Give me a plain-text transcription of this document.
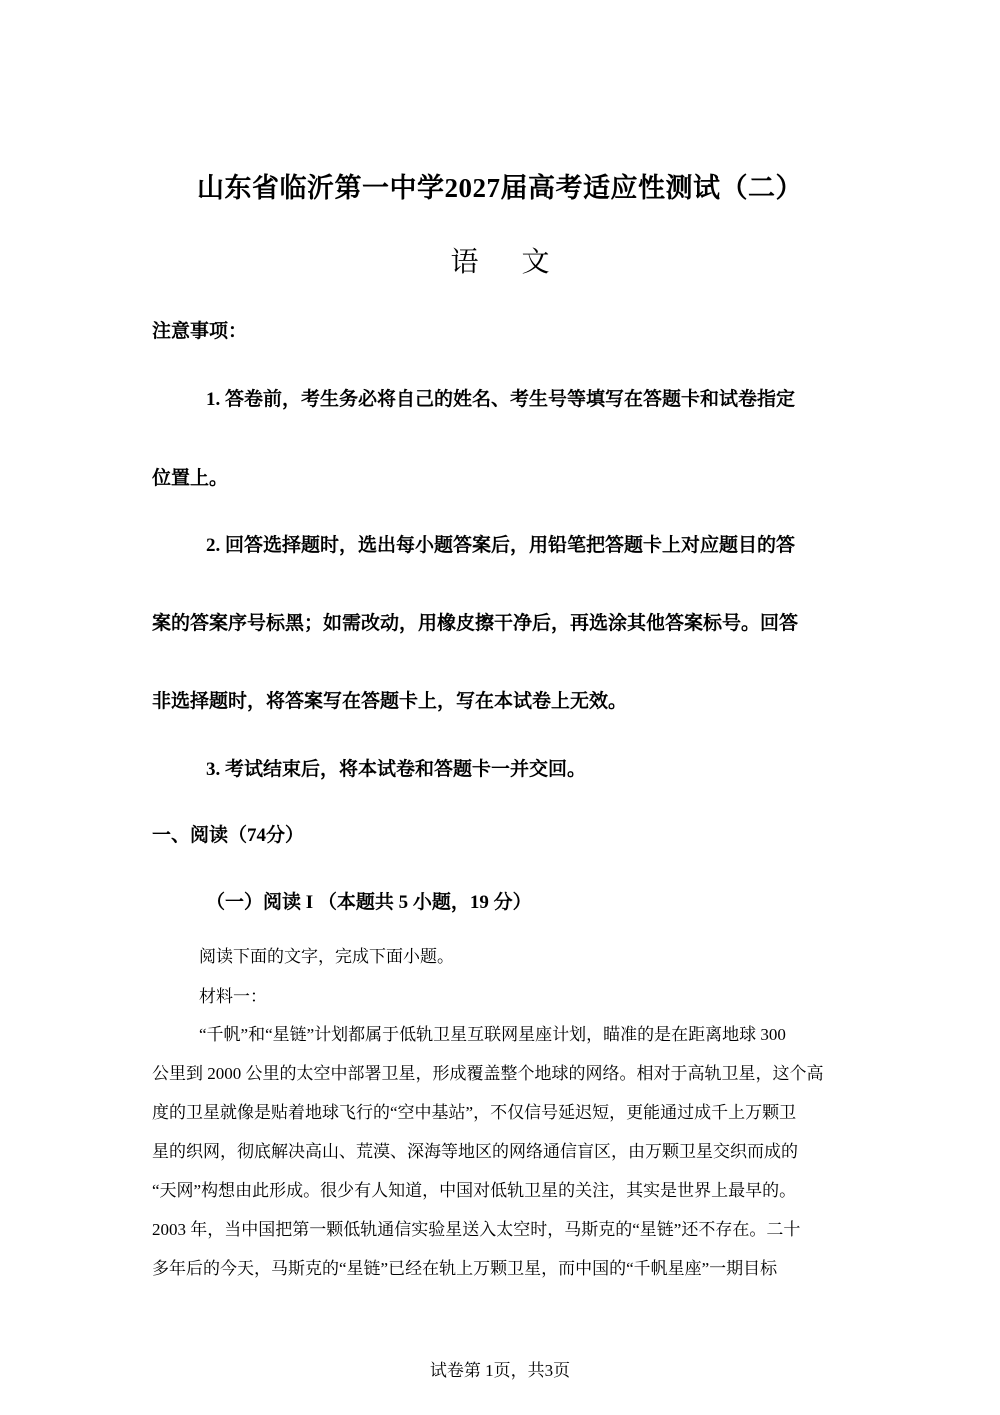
山东省临沂第一中学2027届高考适应性测试（二）
语 文
注意事项：
1. 答卷前，考生务必将自己的姓名、考生号等填写在答题卡和试卷指定
位置上。
2. 回答选择题时，选出每小题答案后，用铅笔把答题卡上对应题目的答
案的答案序号标黑；如需改动，用橡皮擦干净后，再选涂其他答案标号。回答
非选择题时，将答案写在答题卡上，写在本试卷上无效。
3. 考试结束后，将本试卷和答题卡一并交回。
一、阅读（74分）
（一）阅读 I （本题共 5 小题，19 分）
阅读下面的文字，完成下面小题。
材料一：
“千帆”和“星链”计划都属于低轨卫星互联网星座计划，瞄准的是在距离地球 300
公里到 2000 公里的太空中部署卫星，形成覆盖整个地球的网络。相对于高轨卫星，这个高
度的卫星就像是贴着地球飞行的“空中基站”，不仅信号延迟短，更能通过成千上万颗卫
星的织网，彻底解决高山、荒漠、深海等地区的网络通信盲区，由万颗卫星交织而成的
“天网”构想由此形成。很少有人知道，中国对低轨卫星的关注，其实是世界上最早的。
2003 年，当中国把第一颗低轨通信实验星送入太空时，马斯克的“星链”还不存在。二十
多年后的今天，马斯克的“星链”已经在轨上万颗卫星，而中国的“千帆星座”一期目标
试卷第 1页，共3页
